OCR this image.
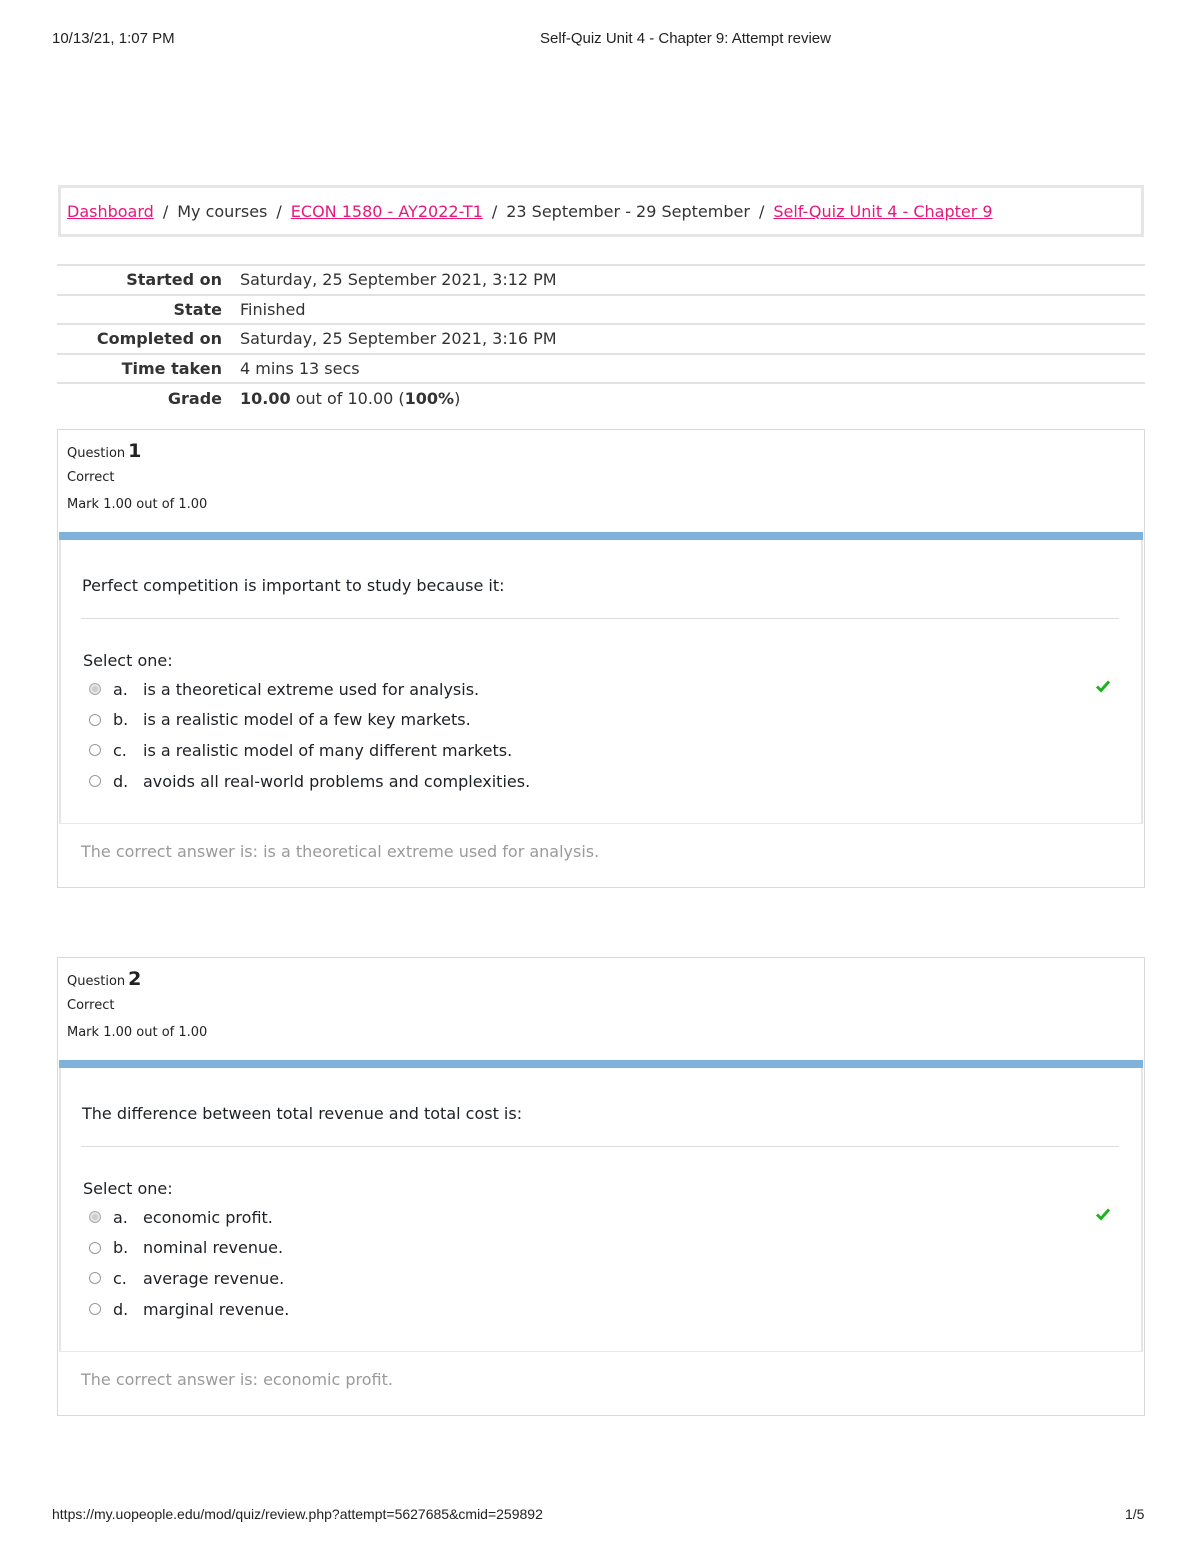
10/13/21, 1:07 PM	Self-Quiz Unit 4 - Chapter 9: Attempt review
Dashboard / My courses / ECON 1580 - AY2022-T1 / 23 September - 29 September / Self-Quiz Unit 4 - Chapter 9
Started on	Saturday, 25 September 2021, 3:12 PM
State	Finished
Completed on	Saturday, 25 September 2021, 3:16 PM
Time taken	4 mins 13 secs
Grade	10.00 out of 10.00 (100%)
Question 1
Correct
Mark 1.00 out of 1.00
Perfect competition is important to study because it:
Select one:
a. is a theoretical extreme used for analysis.
b. is a realistic model of a few key markets.
c.	is a realistic model of many different markets.
d. avoids all real-world problems and complexities.
The correct answer is: is a theoretical extreme used for analysis.
Question 2
Correct
Mark 1.00 out of 1.00
The difference between total revenue and total cost is:
Select one:
a. economic profit.
b. nominal revenue.
c.	average revenue.
d. marginal revenue.
The correct answer is: economic profit.
https://my.uopeople.edu/mod/quiz/review.php?attempt=5627685&cmid=259892	1/5
